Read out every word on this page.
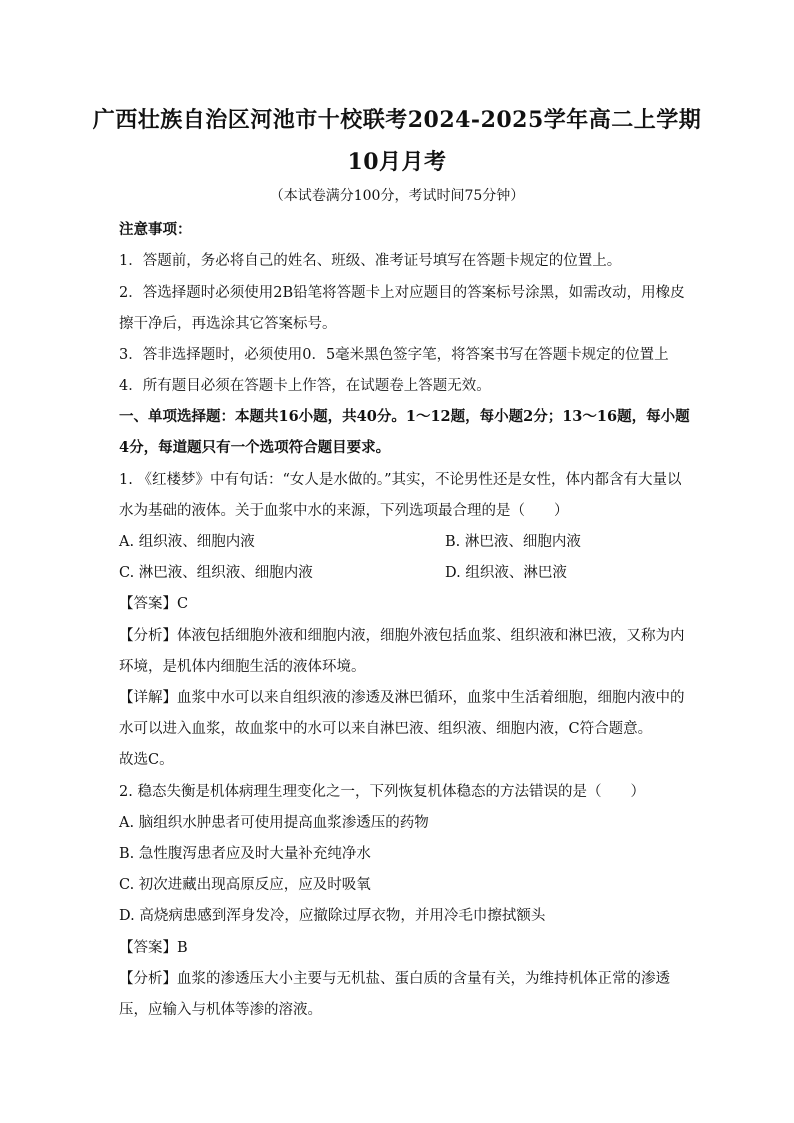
广西壮族自治区河池市十校联考2024-2025学年高二上学期
10月月考
（本试卷满分100分，考试时间75分钟）
注意事项：
1．答题前，务必将自己的姓名、班级、准考证号填写在答题卡规定的位置上。
2．答选择题时必须使用2B铅笔将答题卡上对应题目的答案标号涂黑，如需改动，用橡皮
擦干净后，再选涂其它答案标号。
3．答非选择题时，必须使用0．5毫米黑色签字笔，将答案书写在答题卡规定的位置上
4．所有题目必须在答题卡上作答，在试题卷上答题无效。
一、单项选择题：本题共16小题，共40分。1～12题，每小题2分；13～16题，每小题
4分，每道题只有一个选项符合题目要求。
1. 《红楼梦》中有句话：“女人是水做的。”其实，不论男性还是女性，体内都含有大量以
水为基础的液体。关于血浆中水的来源，下列选项最合理的是（　　）
A. 组织液、细胞内液	B. 淋巴液、细胞内液
C. 淋巴液、组织液、细胞内液	D. 组织液、淋巴液
【答案】C
【分析】体液包括细胞外液和细胞内液，细胞外液包括血浆、组织液和淋巴液，又称为内
环境，是机体内细胞生活的液体环境。
【详解】血浆中水可以来自组织液的渗透及淋巴循环，血浆中生活着细胞，细胞内液中的
水可以进入血浆，故血浆中的水可以来自淋巴液、组织液、细胞内液，C符合题意。
故选C。
2. 稳态失衡是机体病理生理变化之一，下列恢复机体稳态的方法错误的是（　　）
A. 脑组织水肿患者可使用提高血浆渗透压的药物
B. 急性腹泻患者应及时大量补充纯净水
C. 初次进藏出现高原反应，应及时吸氧
D. 高烧病患感到浑身发冷，应撤除过厚衣物，并用冷毛巾擦拭额头
【答案】B
【分析】血浆的渗透压大小主要与无机盐、蛋白质的含量有关，为维持机体正常的渗透
压，应输入与机体等渗的溶液。
